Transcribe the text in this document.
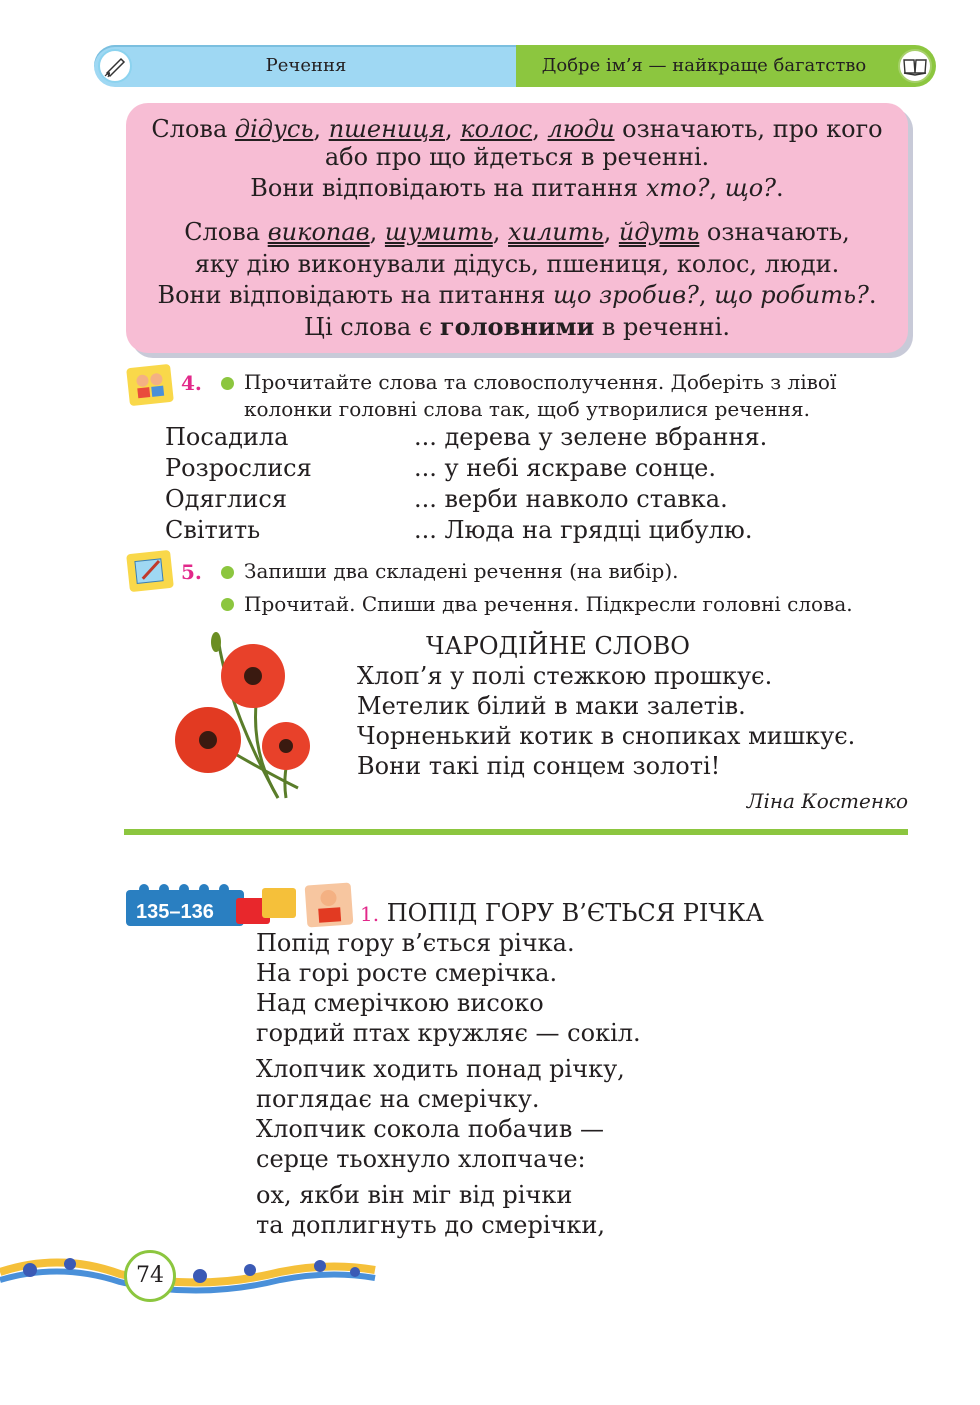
Речення	Добре ім’я — найкраще багатство
Слова дідусь, пшениця, колос, люди означають, про кого
або про що йдеться в реченні.
Вони відповідають на питання хто?, що?.
Слова викопав, шумить, хилить, йдуть означають,
яку дію виконували дідусь, пшениця, колос, люди.
Вони відповідають на питання що зробив?, що робить?.
Ці слова є головними в реченні.
4. Прочитайте слова та словосполучення. Доберіть з лівої
колонки головні слова так, щоб утворилися речення.
Посадила
Розрослися
Одяглися
Світить
... дерева у зелене вбрання.
... у небі яскраве сонце.
... верби навколо ставка.
... Люда на грядці цибулю.
5. Запиши два складені речення (на вибір).
Прочитай. Спиши два речення. Підкресли головні слова.
ЧАРОДІЙНЕ СЛОВО
Хлоп’я у полі стежкою прошкує.
Метелик білий в маки залетів.
Чорненький котик в снопиках мишкує.
Вони такі під сонцем золоті!
Ліна Костенко
135–136	1. ПОПІД ГОРУ В’ЄТЬСЯ РІЧКА
Попід гору в’ється річка.
На горі росте смерічка.
Над смерічкою високо
гордий птах кружляє — сокіл.
Хлопчик ходить понад річку,
поглядає на смерічку.
Хлопчик сокола побачив —
серце тьохнуло хлопчаче:
ох, якби він міг від річки
та доплигнуть до смерічки,
74
